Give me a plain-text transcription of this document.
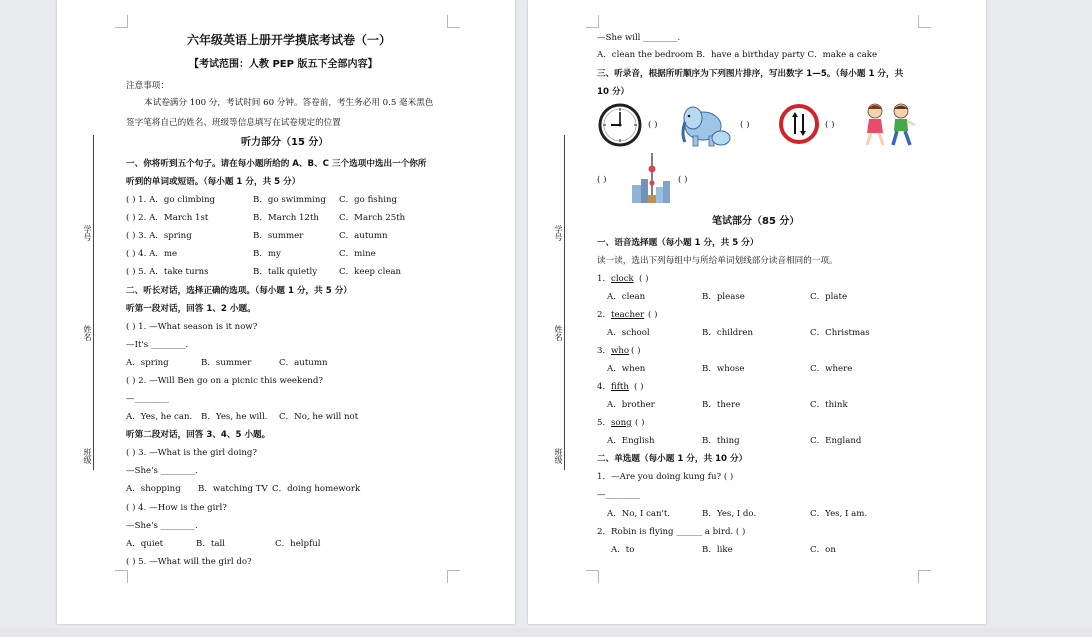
学号
姓名
班级
六年级英语上册开学摸底考试卷（一）
【考试范围：人教 PEP 版五下全部内容】
注意事项：
本试卷满分 100 分，考试时间 60 分钟。答卷前，考生务必用 0.5 毫米黑色
签字笔将自己的姓名、班级等信息填写在试卷规定的位置
听力部分（15 分）
一、你将听到五个句子。请在每小题所给的 A、B、C 三个选项中选出一个你所
听到的单词或短语。（每小题 1 分，共 5 分）
( ) 1. A．go climbing	B．go swimming C．go fishing
( ) 2. A．March 1st	B．March 12th C．March 25th
( ) 3. A．spring	B．summer	C．autumn
( ) 4. A．me	B．my	C．mine
( ) 5. A．take turns	B．talk quietly	C．keep clean
二、听长对话，选择正确的选项。（每小题 1 分，共 5 分）
听第一段对话，回答 1、2 小题。
( ) 1. —What season is it now?
—It's ________.
A．spring	B．summer	C．autumn
( ) 2. —Will Ben go on a picnic this weekend?
—________
A．Yes, he can. B．Yes, he will. C．No, he will not
听第二段对话，回答 3、4、5 小题。
( ) 3. —What is the girl doing?
—She's ________.
A．shopping B．watching TV C．doing homework
( ) 4. —How is the girl?
—She's ________.
A．quiet	B．tall	C．helpful
( ) 5. —What will the girl do?
学号
姓名
班级
—She will ________.
A．clean the bedroom B．have a birthday party C．make a cake
三、听录音，根据所听顺序为下列图片排序，写出数字 1—5。（每小题 1 分，共
10 分）
( )	( )	( )
( )	( )
笔试部分（85 分）
一、语音选择题（每小题 1 分，共 5 分）
读一读，选出下列每组中与所给单词划线部分读音相同的一项。
1． clock ( )
A．clean	B．please	C．plate
2． teacher ( )
A．school	B．children	C．Christmas
3． who ( )
A．when	B．whose	C．where
4． fifth ( )
A．brother	B．there	C．think
5． song ( )
A．English	B．thing	C．England
二、单选题（每小题 1 分，共 10 分）
1．—Are you doing kung fu? ( )
—________
A．No, I can't.	B．Yes, I do.	C．Yes, I am.
2．Robin is flying ______ a bird. ( )
A．to	B．like	C．on
